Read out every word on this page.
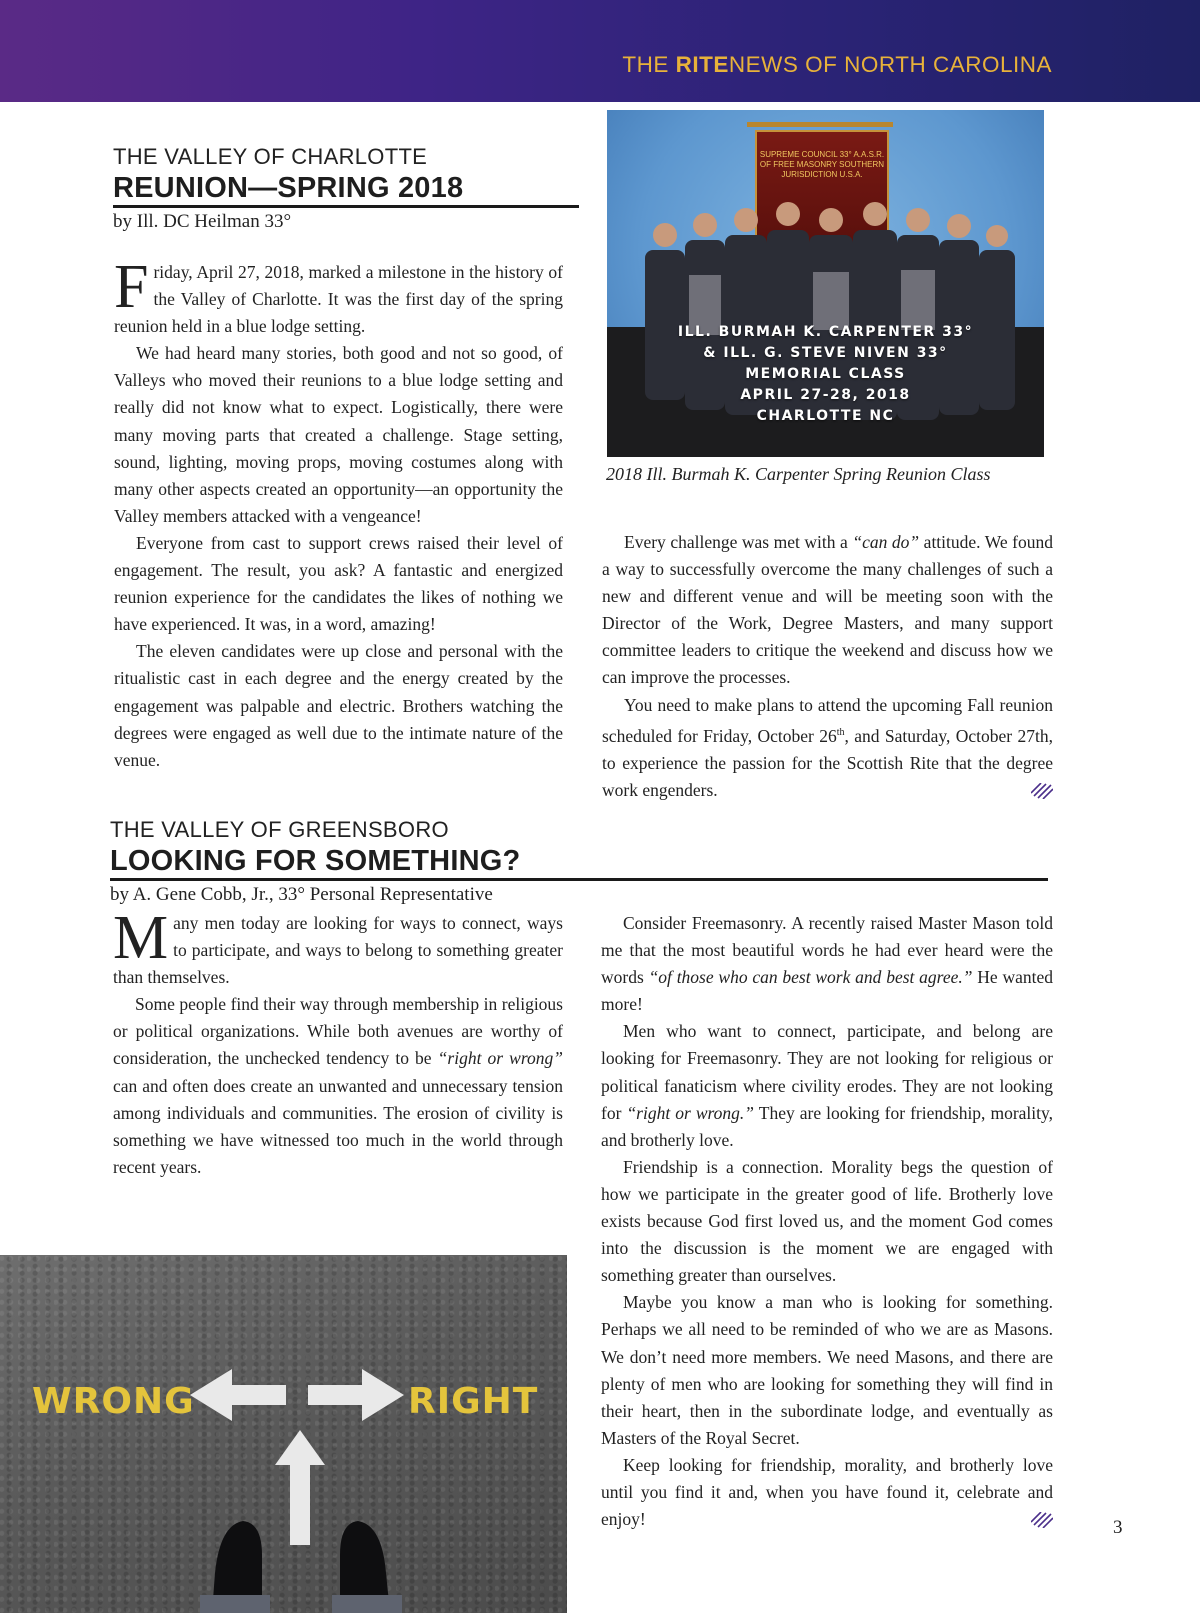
THE RITENEWS OF NORTH CAROLINA
THE VALLEY OF CHARLOTTE
REUNION—SPRING 2018
by Ill. DC Heilman 33°

Friday, April 27, 2018, marked a milestone in the history of the Valley of Charlotte. It was the first day of the spring reunion held in a blue lodge setting.

We had heard many stories, both good and not so good, of Valleys who moved their reunions to a blue lodge setting and really did not know what to expect. Logistically, there were many moving parts that created a challenge. Stage setting, sound, lighting, moving props, moving costumes along with many other aspects created an opportunity—an opportunity the Valley members attacked with a vengeance!

Everyone from cast to support crews raised their level of engagement. The result, you ask? A fantastic and energized reunion experience for the candidates the likes of nothing we have experienced. It was, in a word, amazing!

The eleven candidates were up close and personal with the ritualistic cast in each degree and the energy created by the engagement was palpable and electric. Brothers watching the degrees were engaged as well due to the intimate nature of the venue.

SUPREME COUNCIL 33° A.A.S.R. OF FREE MASONRY SOUTHERN JURISDICTION U.S.A.
ILL. BURMAH K. CARPENTER 33°
& ILL. G. STEVE NIVEN 33°
MEMORIAL CLASS
APRIL 27-28, 2018
CHARLOTTE NC
2018 Ill. Burmah K. Carpenter Spring Reunion Class

Every challenge was met with a “can do” attitude. We found a way to successfully overcome the many challenges of such a new and different venue and will be meeting soon with the Director of the Work, Degree Masters, and many support committee leaders to critique the weekend and discuss how we can improve the processes.

You need to make plans to attend the upcoming Fall reunion scheduled for Friday, October 26th, and Saturday, October 27th, to experience the passion for the Scottish Rite that the degree work engenders.

THE VALLEY OF GREENSBORO
LOOKING FOR SOMETHING?
by A. Gene Cobb, Jr., 33° Personal Representative

Many men today are looking for ways to connect, ways to participate, and ways to belong to something greater than themselves.

Some people find their way through membership in religious or political organizations. While both avenues are worthy of consideration, the unchecked tendency to be “right or wrong” can and often does create an unwanted and unnecessary tension among individuals and communities. The erosion of civility is something we have witnessed too much in the world through recent years.

WRONG	RIGHT

Consider Freemasonry. A recently raised Master Mason told me that the most beautiful words he had ever heard were the words “of those who can best work and best agree.” He wanted more!

Men who want to connect, participate, and belong are looking for Freemasonry. They are not looking for religious or political fanaticism where civility erodes. They are not looking for “right or wrong.” They are looking for friendship, morality, and brotherly love.

Friendship is a connection. Morality begs the question of how we participate in the greater good of life. Brotherly love exists because God first loved us, and the moment God comes into the discussion is the moment we are engaged with something greater than ourselves.

Maybe you know a man who is looking for something. Perhaps we all need to be reminded of who we are as Masons. We don’t need more members. We need Masons, and there are plenty of men who are looking for something they will find in their heart, then in the subordinate lodge, and eventually as Masters of the Royal Secret.

Keep looking for friendship, morality, and brotherly love until you find it and, when you have found it, celebrate and enjoy!	3
